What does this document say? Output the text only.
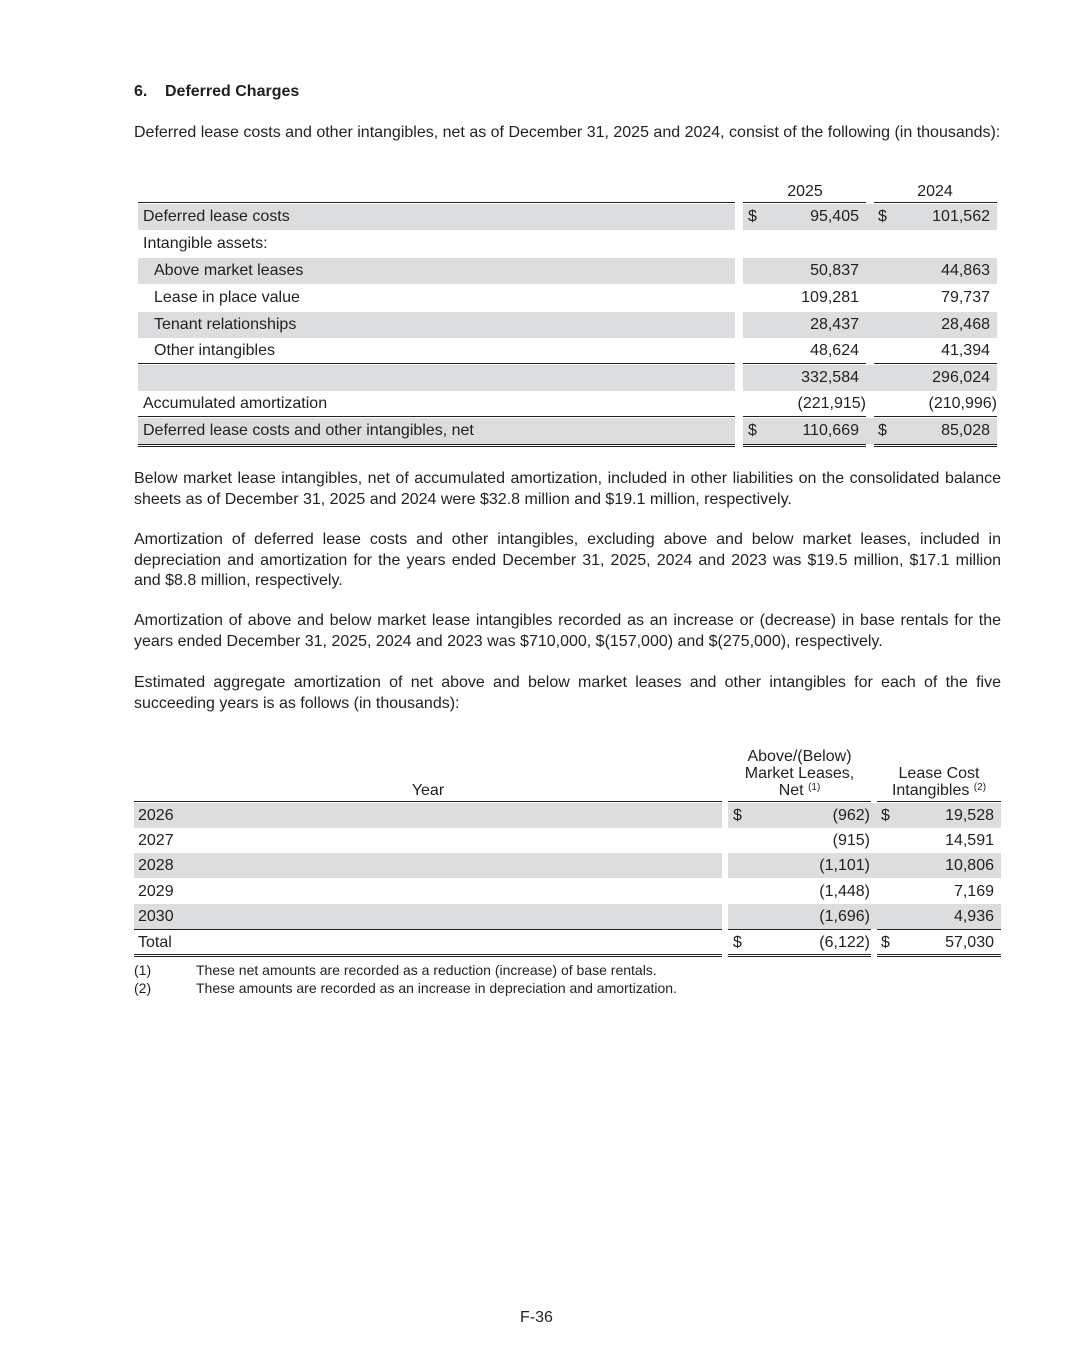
6. Deferred Charges
Deferred lease costs and other intangibles, net as of December 31, 2025 and 2024, consist of the following (in thousands):
2025	2024
Deferred lease costs	$	95,405 $	101,562
Intangible assets:
Above market leases	50,837	44,863
Lease in place value	109,281	79,737
Tenant relationships	28,437	28,468
Other intangibles	48,624	41,394
332,584	296,024
Accumulated amortization	(221,915)	(210,996)
Deferred lease costs and other intangibles, net	$	110,669 $	85,028
Below market lease intangibles, net of accumulated amortization, included in other liabilities on the consolidated balance sheets as of December 31, 2025 and 2024 were $32.8 million and $19.1 million, respectively.
Amortization of deferred lease costs and other intangibles, excluding above and below market leases, included in depreciation and amortization for the years ended December 31, 2025, 2024 and 2023 was $19.5 million, $17.1 million and $8.8 million, respectively.
Amortization of above and below market lease intangibles recorded as an increase or (decrease) in base rentals for the years ended December 31, 2025, 2024 and 2023 was $710,000, $(157,000) and $(275,000), respectively.
Estimated aggregate amortization of net above and below market leases and other intangibles for each of the five succeeding years is as follows (in thousands):
Year
Above/(Below)
Market Leases,
Net $^{(1)}$
Lease Cost
Intangibles $^{(2)}$
2026	$	(962) $	19,528
2027	(915)	14,591
2028	(1,101)	10,806
2029	(1,448)	7,169
2030	(1,696)	4,936
Total	$	(6,122) $	57,030
(1)	These net amounts are recorded as a reduction (increase) of base rentals.
(2)	These amounts are recorded as an increase in depreciation and amortization.
F-36
